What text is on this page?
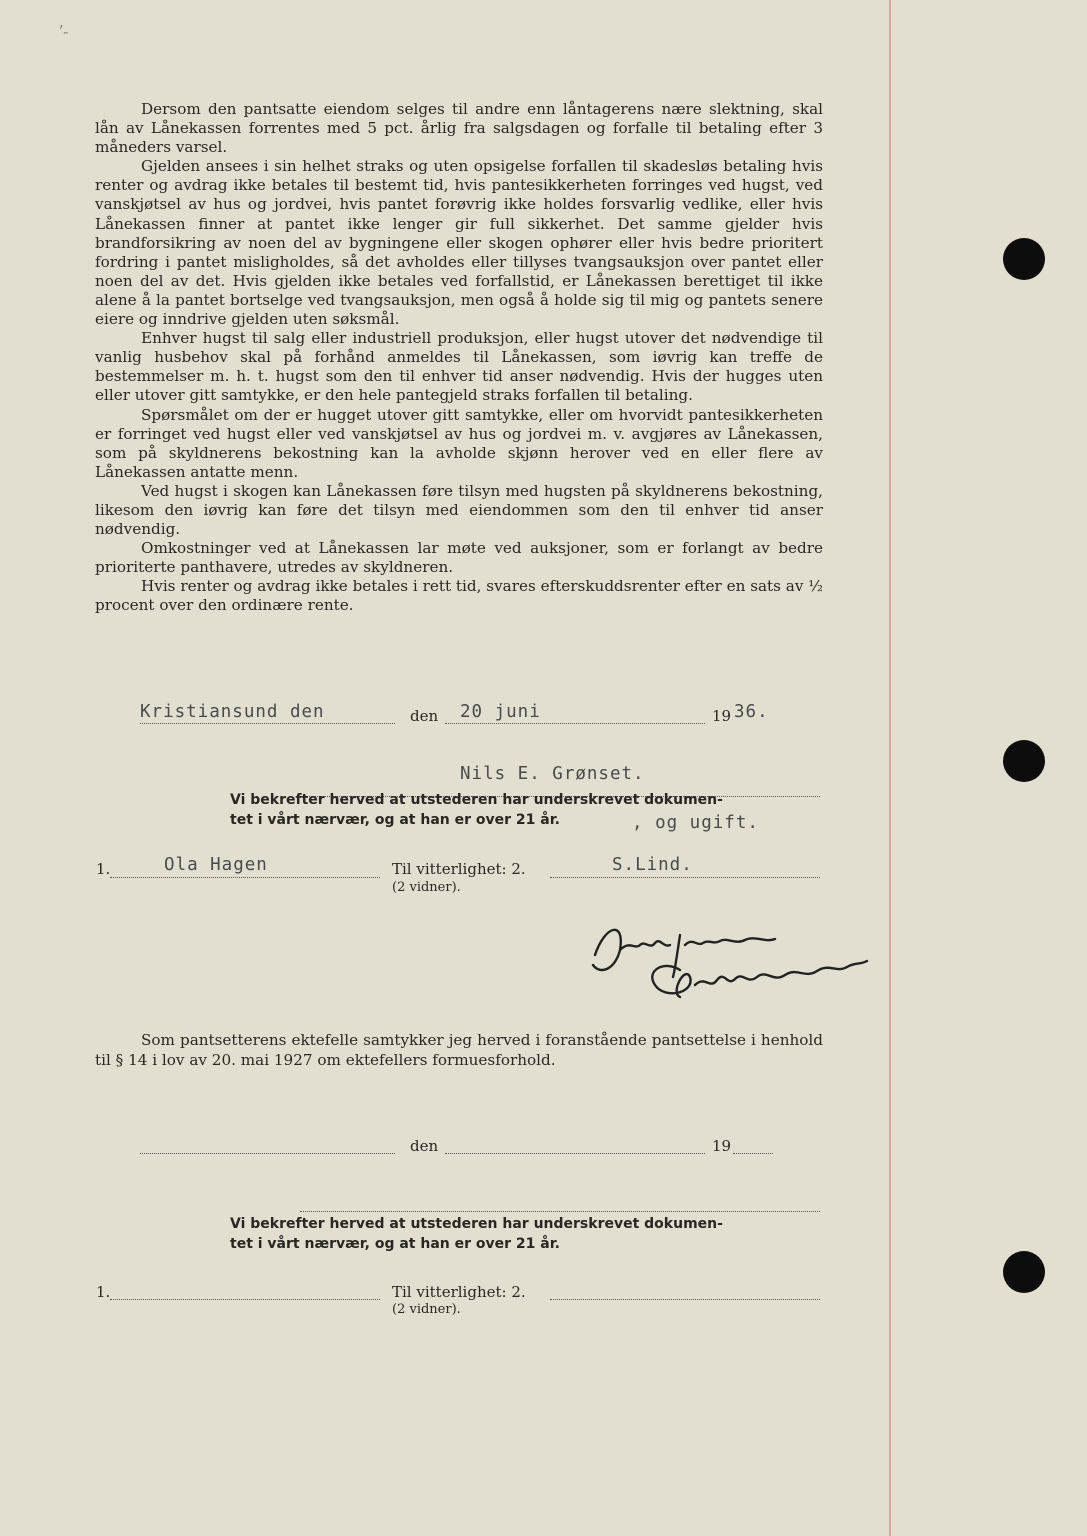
ʼ-

Dersom den pantsatte eiendom selges til andre enn låntagerens nære slektning, skal lån av Lånekassen forrentes med 5 pct. årlig fra salgsdagen og forfalle til betaling efter 3 måneders varsel.

Gjelden ansees i sin helhet straks og uten opsigelse forfallen til skadesløs betaling hvis renter og avdrag ikke betales til bestemt tid, hvis pantesikkerheten forringes ved hugst, ved vanskjøtsel av hus og jordvei, hvis pantet forøvrig ikke holdes forsvarlig vedlike, eller hvis Lånekassen finner at pantet ikke lenger gir full sikkerhet. Det samme gjelder hvis brandforsikring av noen del av bygningene eller skogen ophører eller hvis bedre prioritert fordring i pantet misligholdes, så det avholdes eller tillyses tvangsauksjon over pantet eller noen del av det. Hvis gjelden ikke betales ved forfallstid, er Lånekassen berettiget til ikke alene å la pantet bortselge ved tvangsauksjon, men også å holde sig til mig og pantets senere eiere og inndrive gjelden uten søksmål.

Enhver hugst til salg eller industriell produksjon, eller hugst utover det nødvendige til vanlig husbehov skal på forhånd anmeldes til Lånekassen, som iøvrig kan treffe de bestemmelser m. h. t. hugst som den til enhver tid anser nødvendig. Hvis der hugges uten eller utover gitt samtykke, er den hele pantegjeld straks forfallen til betaling.

Spørsmålet om der er hugget utover gitt samtykke, eller om hvorvidt pantesikkerheten er forringet ved hugst eller ved vanskjøtsel av hus og jordvei m. v. avgjøres av Lånekassen, som på skyldnerens bekostning kan la avholde skjønn herover ved en eller flere av Lånekassen antatte menn.

Ved hugst i skogen kan Lånekassen føre tilsyn med hugsten på skyldnerens bekostning, likesom den iøvrig kan føre det tilsyn med eiendommen som den til enhver tid anser nødvendig.

Omkostninger ved at Lånekassen lar møte ved auksjoner, som er forlangt av bedre prioriterte panthavere, utredes av skyldneren.

Hvis renter og avdrag ikke betales i rett tid, svares efterskuddsrenter efter en sats av ½ procent over den ordinære rente.

Kristiansund den	den 20 juni	19 36.
Nils E. Grønset.
Vi bekrefter herved at utstederen har underskrevet dokumen-
tet i vårt nærvær, og at han er over 21 år.	, og ugift.
1.	Ola Hagen	Til vitterlighet: 2.	S.Lind.
(2 vidner).
Som pantsetterens ektefelle samtykker jeg herved i foranstående pantsettelse i henhold til § 14 i lov av 20. mai 1927 om ektefellers formuesforhold.
den	19
Vi bekrefter herved at utstederen har underskrevet dokumen-
tet i vårt nærvær, og at han er over 21 år.
1.	Til vitterlighet: 2.
(2 vidner).
